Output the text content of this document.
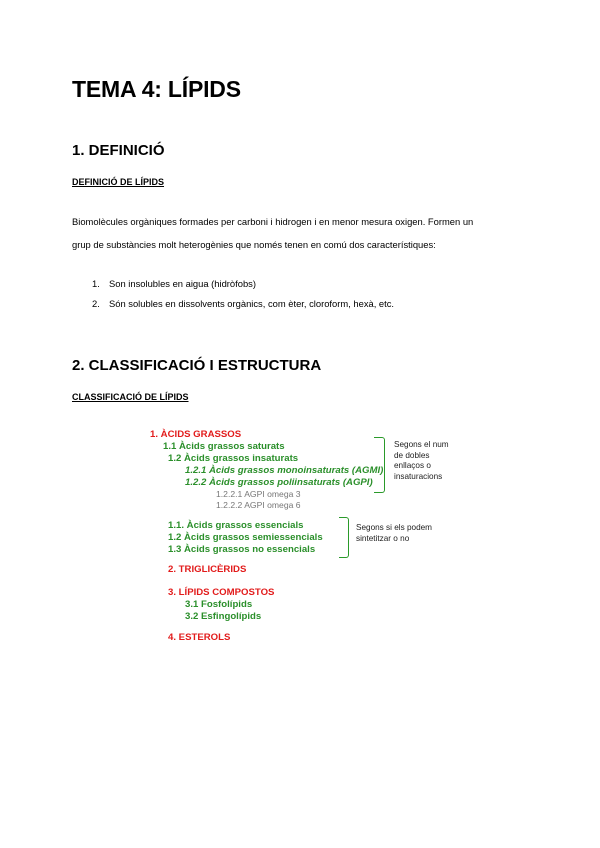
TEMA 4: LÍPIDS
1. DEFINICIÓ
DEFINICIÓ DE LÍPIDS
Biomolècules orgàniques formades per carboni i hidrogen i en menor mesura oxigen. Formen un
grup de substàncies molt heterogènies que només tenen en comú dos característiques:
1. Son insolubles en aigua (hidròfobs)
2. Són solubles en dissolvents orgànics, com èter, cloroform, hexà, etc.
2. CLASSIFICACIÓ I ESTRUCTURA
CLASSIFICACIÓ DE LÍPIDS
1. ÀCIDS GRASSOS
1.1 Àcids grassos saturats
1.2 Àcids grassos insaturats
1.2.1 Àcids grassos monoinsaturats (AGMI)
1.2.2 Àcids grassos poliinsaturats (AGPI)
1.2.2.1 AGPI omega 3
1.2.2.2 AGPI omega 6
Segons el num
de dobles
enllaços o
insaturacions
1.1. Àcids grassos essencials
1.2 Àcids grassos semiessencials
1.3 Àcids grassos no essencials
Segons si els podem
sintetitzar o no
2. TRIGLICÈRIDS
3. LÍPIDS COMPOSTOS
3.1 Fosfolípids
3.2 Esfingolípids
4. ESTEROLS
